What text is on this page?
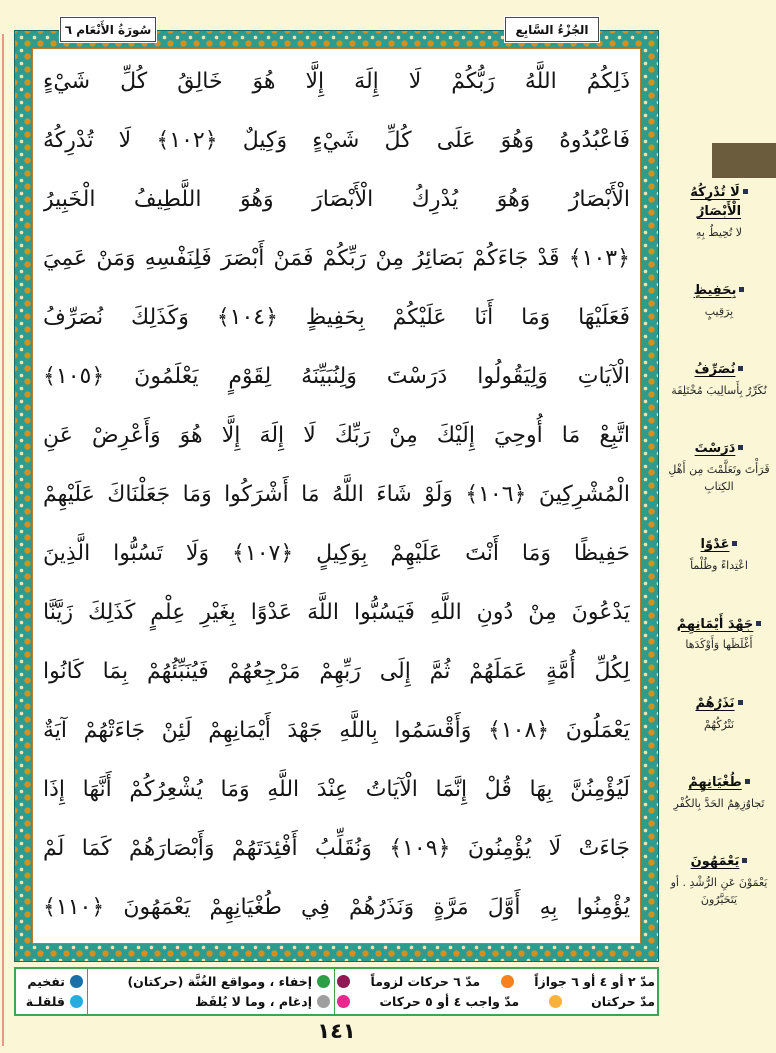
ذَلِكُمُ اللَّهُ رَبُّكُمْ لَا إِلَهَ إِلَّا هُوَ خَالِقُ كُلِّ شَيْءٍ
فَاعْبُدُوهُ وَهُوَ عَلَى كُلِّ شَيْءٍ وَكِيلٌ ﴿١٠٢﴾ لَا تُدْرِكُهُ
الْأَبْصَارُ وَهُوَ يُدْرِكُ الْأَبْصَارَ وَهُوَ اللَّطِيفُ الْخَبِيرُ
﴿١٠٣﴾ قَدْ جَاءَكُمْ بَصَائِرُ مِنْ رَبِّكُمْ فَمَنْ أَبْصَرَ فَلِنَفْسِهِ وَمَنْ عَمِيَ
فَعَلَيْهَا وَمَا أَنَا عَلَيْكُمْ بِحَفِيظٍ ﴿١٠٤﴾ وَكَذَلِكَ نُصَرِّفُ
الْآيَاتِ وَلِيَقُولُوا دَرَسْتَ وَلِنُبَيِّنَهُ لِقَوْمٍ يَعْلَمُونَ ﴿١٠٥﴾
اتَّبِعْ مَا أُوحِيَ إِلَيْكَ مِنْ رَبِّكَ لَا إِلَهَ إِلَّا هُوَ وَأَعْرِضْ عَنِ
الْمُشْرِكِينَ ﴿١٠٦﴾ وَلَوْ شَاءَ اللَّهُ مَا أَشْرَكُوا وَمَا جَعَلْنَاكَ عَلَيْهِمْ
حَفِيظًا وَمَا أَنْتَ عَلَيْهِمْ بِوَكِيلٍ ﴿١٠٧﴾ وَلَا تَسُبُّوا الَّذِينَ
يَدْعُونَ مِنْ دُونِ اللَّهِ فَيَسُبُّوا اللَّهَ عَدْوًا بِغَيْرِ عِلْمٍ كَذَلِكَ زَيَّنَّا
لِكُلِّ أُمَّةٍ عَمَلَهُمْ ثُمَّ إِلَى رَبِّهِمْ مَرْجِعُهُمْ فَيُنَبِّئُهُمْ بِمَا كَانُوا
يَعْمَلُونَ ﴿١٠٨﴾ وَأَقْسَمُوا بِاللَّهِ جَهْدَ أَيْمَانِهِمْ لَئِنْ جَاءَتْهُمْ آيَةٌ
لَيُؤْمِنُنَّ بِهَا قُلْ إِنَّمَا الْآيَاتُ عِنْدَ اللَّهِ وَمَا يُشْعِرُكُمْ أَنَّهَا إِذَا
جَاءَتْ لَا يُؤْمِنُونَ ﴿١٠٩﴾ وَنُقَلِّبُ أَفْئِدَتَهُمْ وَأَبْصَارَهُمْ كَمَا لَمْ
يُؤْمِنُوا بِهِ أَوَّلَ مَرَّةٍ وَنَذَرُهُمْ فِي طُغْيَانِهِمْ يَعْمَهُونَ ﴿١١٠﴾
سُورَةُ الأَنْعَام ٦	الجُزْءُ السَّابِع
لَا تُدْرِكُهُ الْأَبْصَارُ
لا تُحِيطُ بِهِ
بِحَفِيظٍ
بِرَقِيبٍ
نُصَرِّفُ
نُكَرِّرُ بِأَسالِيبَ مُخْتَلِفَة
دَرَسْتَ
قَرَأْتَ وتَعَلَّمْتَ مِن أَهْلِ الكِتابِ
عَدْوًا
اعْتِداءً وظُلْماً
جَهْدَ أَيْمَانِهِمْ
أَغْلَظَها وَأَوْكَدَها
نَذَرُهُمْ
نَتْرُكُهُمْ
طُغْيَانِهِمْ
تَجاوُزِهِمُ الحَدَّ بِالكُفْرِ
يَعْمَهُونَ
يَعْمَوْنَ عَنِ الرُّشْدِ . أو يَتَحَيَّرُونَ
تفخيم
قلقلـة
إخفاء ، ومواقع الغُنَّة (حركتان)
إدغام ، وما لا يُلفَظ
مدّ ٦ حركات لزوماً	مدّ ٢ أو ٤ أو ٦ جوازاً
مدّ واجب ٤ أو ٥ حركات	مدّ حركتان
١٤١
